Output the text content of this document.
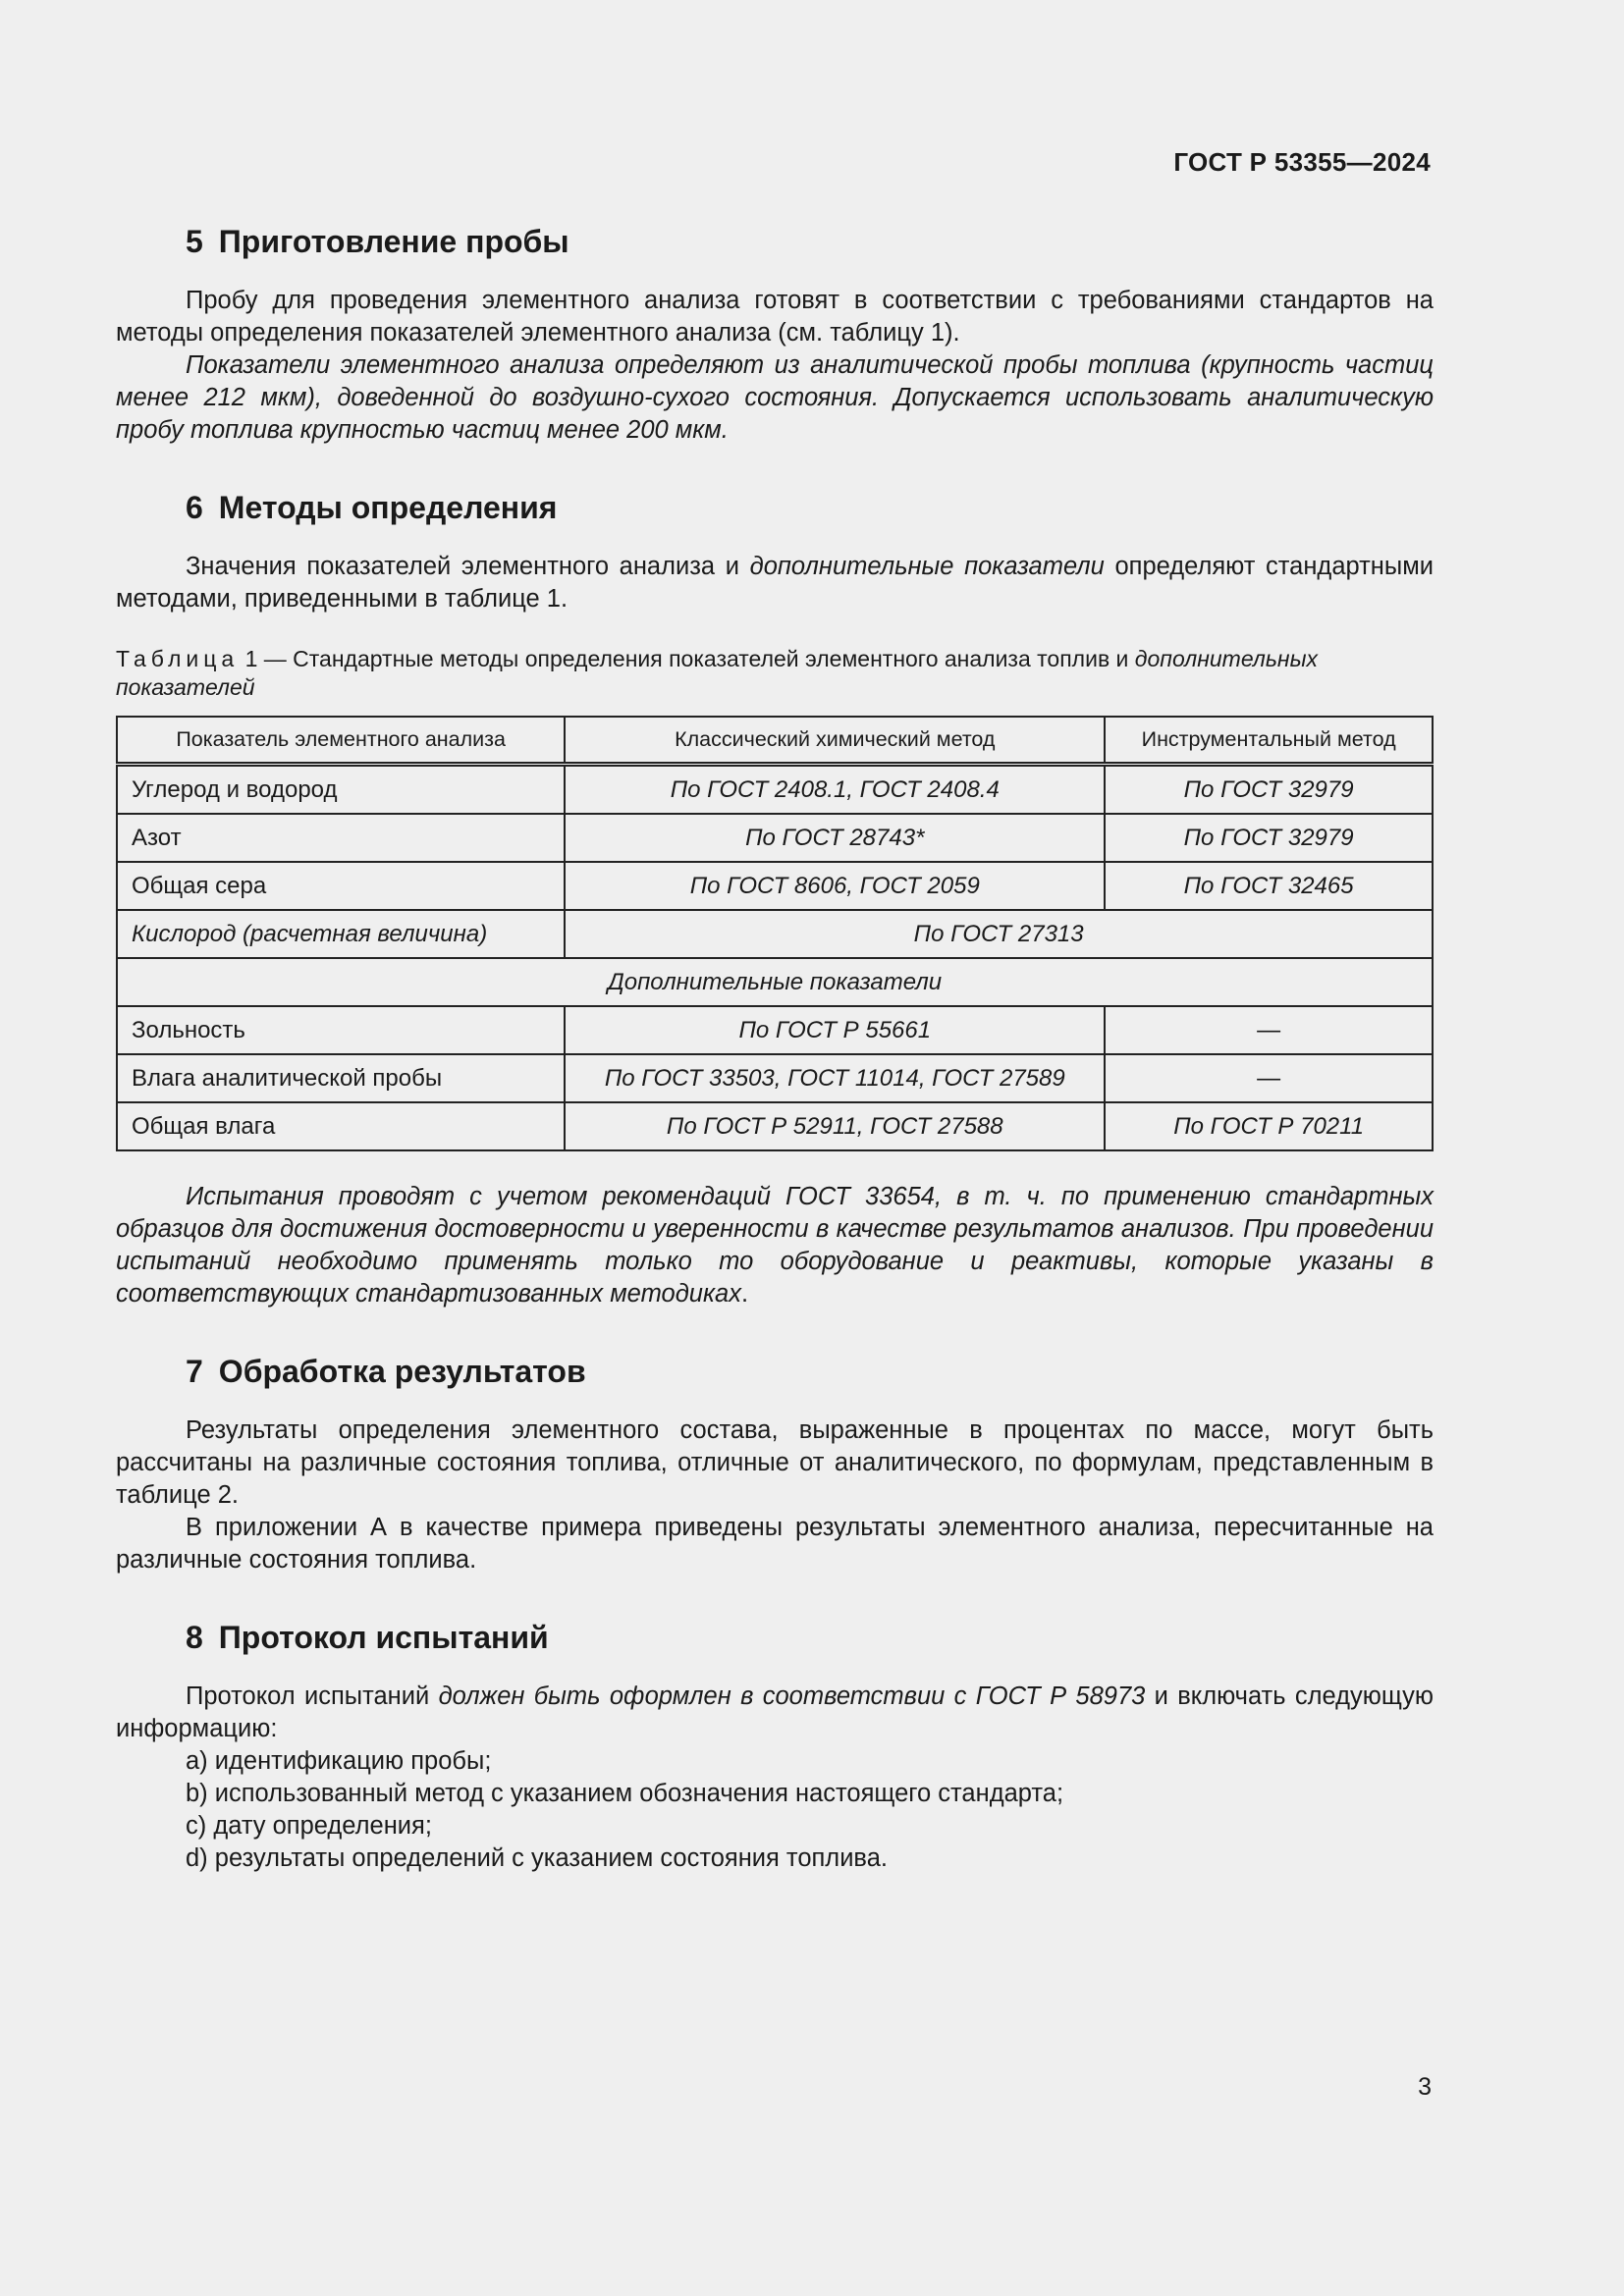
ГОСТ Р 53355—2024
5 Приготовление пробы

Пробу для проведения элементного анализа готовят в соответствии с требованиями стандартов на методы определения показателей элементного анализа (см. таблицу 1).

Показатели элементного анализа определяют из аналитической пробы топлива (крупность частиц менее 212 мкм), доведенной до воздушно-сухого состояния. Допускается использовать аналитическую пробу топлива крупностью частиц менее 200 мкм.

6 Методы определения

Значения показателей элементного анализа и дополнительные показатели определяют стандартными методами, приведенными в таблице 1.

Таблица 1 — Стандартные методы определения показателей элементного анализа топлив и дополнительных показателей
Показатель элементного анализа	Классический химический метод	Инструментальный метод
Углерод и водород	По ГОСТ 2408.1, ГОСТ 2408.4	По ГОСТ 32979
Азот	По ГОСТ 28743*	По ГОСТ 32979
Общая сера	По ГОСТ 8606, ГОСТ 2059	По ГОСТ 32465
Кислород (расчетная величина)	По ГОСТ 27313	
Дополнительные показатели		
Зольность	По ГОСТ Р 55661	—
Влага аналитической пробы	По ГОСТ 33503, ГОСТ 11014, ГОСТ 27589	—
Общая влага	По ГОСТ Р 52911, ГОСТ 27588	По ГОСТ Р 70211

Испытания проводят с учетом рекомендаций ГОСТ 33654, в т. ч. по применению стандартных образцов для достижения достоверности и уверенности в качестве результатов анализов. При проведении испытаний необходимо применять только то оборудование и реактивы, которые указаны в соответствующих стандартизованных методиках.

7 Обработка результатов

Результаты определения элементного состава, выраженные в процентах по массе, могут быть рассчитаны на различные состояния топлива, отличные от аналитического, по формулам, представленным в таблице 2.

В приложении А в качестве примера приведены результаты элементного анализа, пересчитанные на различные состояния топлива.

8 Протокол испытаний

Протокол испытаний должен быть оформлен в соответствии с ГОСТ Р 58973 и включать следующую информацию:

a) идентификацию пробы;
b) использованный метод с указанием обозначения настоящего стандарта;
c) дату определения;
d) результаты определений с указанием состояния топлива.
3
